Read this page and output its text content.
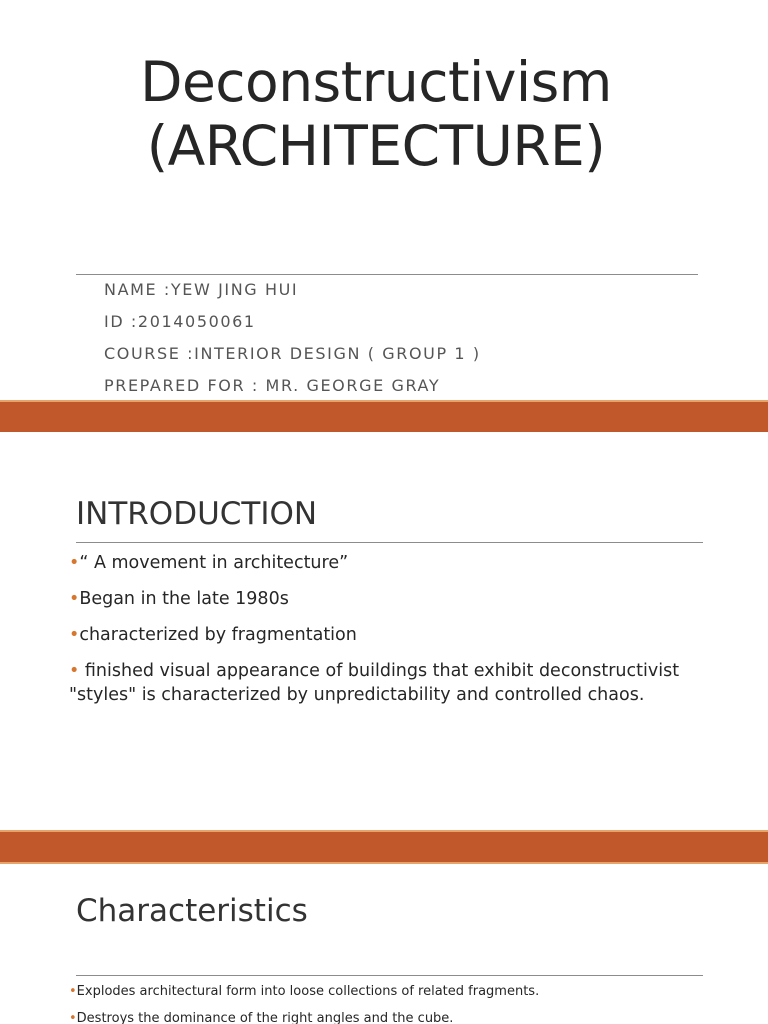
Deconstructivism
(ARCHITECTURE)
NAME :YEW JING HUI
ID :2014050061
COURSE :INTERIOR DESIGN ( GROUP 1 )
PREPARED FOR : MR. GEORGE GRAY
INTRODUCTION
•“ A movement in architecture”
•Began in the late 1980s
•characterized by fragmentation
• finished visual appearance of buildings that exhibit deconstructivist "styles" is characterized by unpredictability and controlled chaos.
Characteristics
•Explodes architectural form into loose collections of related fragments.
•Destroys the dominance of the right angles and the cube.
